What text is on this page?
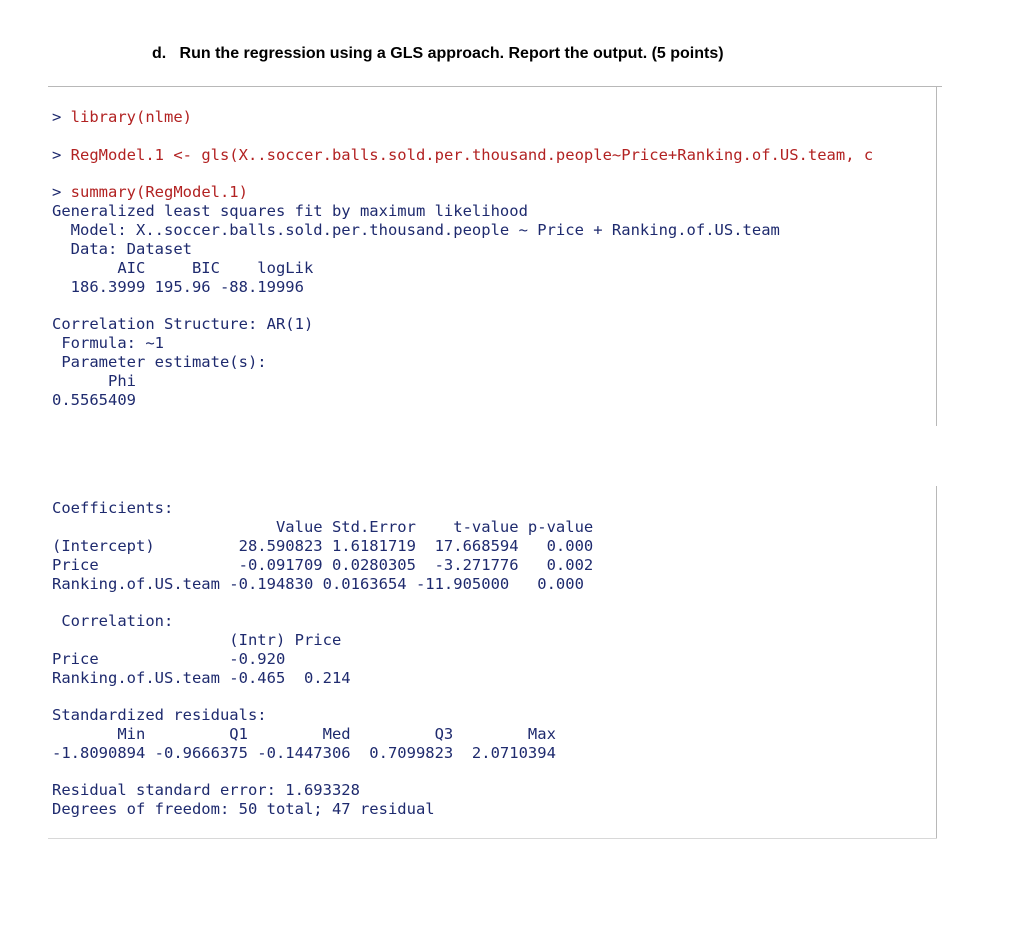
d.   Run the regression using a GLS approach. Report the output. (5 points)
> library(nlme)
> RegModel.1 <- gls(X..soccer.balls.sold.per.thousand.people~Price+Ranking.of.US.team, c
> summary(RegModel.1)
Generalized least squares fit by maximum likelihood
Model: X..soccer.balls.sold.per.thousand.people ~ Price + Ranking.of.US.team
Data: Dataset
AIC     BIC    logLik
186.3999 195.96 -88.19996
Correlation Structure: AR(1)
Formula: ~1
Parameter estimate(s):
Phi
0.5565409
Coefficients:
Value Std.Error    t-value p-value
(Intercept)         28.590823 1.6181719  17.668594   0.000
Price               -0.091709 0.0280305  -3.271776   0.002
Ranking.of.US.team -0.194830 0.0163654 -11.905000   0.000
Correlation:
(Intr) Price
Price              -0.920
Ranking.of.US.team -0.465  0.214
Standardized residuals:
Min         Q1        Med         Q3        Max
-1.8090894 -0.9666375 -0.1447306  0.7099823  2.0710394
Residual standard error: 1.693328
Degrees of freedom: 50 total; 47 residual
